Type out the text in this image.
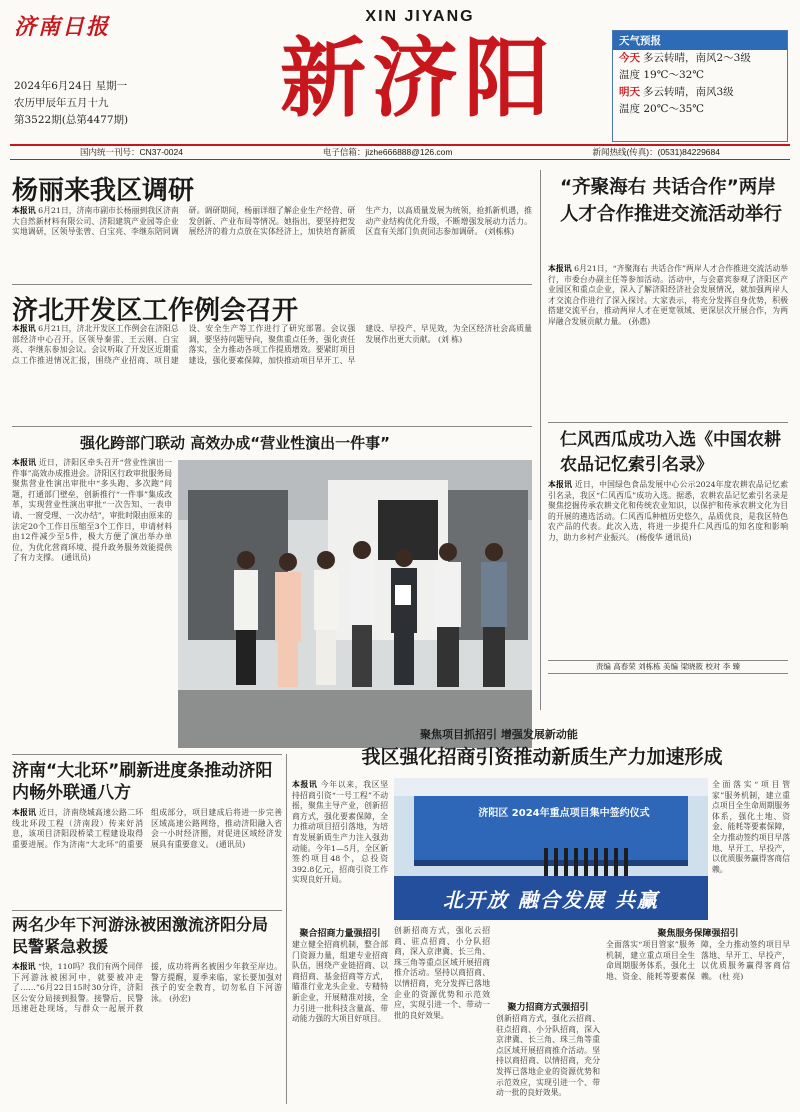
济南日报	XIN JIYANG
新济阳
2024年6月24日 星期一
农历甲辰年五月十九
第3522期(总第4477期)
天气预报
今天 多云转晴，南风2～3级
温度 19℃～32℃
明天 多云转晴，南风3级
温度 20℃～35℃
国内统一刊号：CN37-0024	电子信箱：jizhe666888@126.com	新闻热线(传真)：(0531)84229684
杨丽来我区调研
本报讯 6月21日，济南市副市长杨丽到我区济南大自然新材料有限公司、济阳建筑产业园等企业实地调研，区领导张曾、白宝亮、李继东陪同调研。调研期间，杨丽详细了解企业生产经营、研发创新、产业布局等情况。她指出，要坚持把发展经济的着力点放在实体经济上，加快培育新质生产力，以高质量发展为统领，抢抓新机遇，推动产业结构优化升级，不断增强发展动力活力。区直有关部门负责同志参加调研。 (刘栋栋)
济北开发区工作例会召开
本报讯 6月21日，济北开发区工作例会在济阳总部经济中心召开。区领导秦雷、王云刚、白宝亮、李继东参加会议。会议听取了开发区近期重点工作推进情况汇报，围绕产业招商、项目建设、安全生产等工作进行了研究部署。会议强调，要坚持问题导向，聚焦重点任务，强化责任落实，全力推动各项工作提质增效。要紧盯项目建设，强化要素保障，加快推动项目早开工、早建设、早投产、早见效，为全区经济社会高质量发展作出更大贡献。 (刘 栋)
强化跨部门联动 高效办成“营业性演出一件事”
本报讯 近日，济阳区牵头召开“营业性演出一件事”高效办成推进会。济阳区行政审批服务局聚焦营业性演出审批中“多头跑、多次跑”问题，打通部门壁垒，创新推行“一件事”集成改革，实现营业性演出审批“一次告知、一表申请、一窗受理、一次办结”，审批时限由原来的法定20个工作日压缩至3个工作日，申请材料由12件减少至5件，极大方便了演出举办单位，为优化营商环境、提升政务服务效能提供了有力支撑。 (通讯员)
“齐聚海右 共话合作”两岸人才合作推进交流活动举行
本报讯 6月21日，“齐聚海右 共话合作”两岸人才合作推进交流活动举行，市委台办副主任等参加活动。活动中，与会嘉宾参观了济阳区产业园区和重点企业，深入了解济阳经济社会发展情况，就加强两岸人才交流合作进行了深入探讨。大家表示，将充分发挥自身优势，积极搭建交流平台，推动两岸人才在更宽领域、更深层次开展合作，为两岸融合发展贡献力量。 (孙惠)
仁风西瓜成功入选《中国农耕农品记忆索引名录》
本报讯 近日，中国绿色食品发展中心公示2024年度农耕农品记忆索引名录，我区“仁风西瓜”成功入选。据悉，农耕农品记忆索引名录是聚焦挖掘传承农耕文化和传统农业知识，以保护和传承农耕文化为目的开展的遴选活动。仁风西瓜种植历史悠久，品质优良，是我区特色农产品的代表。此次入选，将进一步提升仁风西瓜的知名度和影响力，助力乡村产业振兴。 (杨俊华 通讯员)
责编 高春荣 刘栋栋 美编 梁晓筱 校对 李 臻
济南“大北环”刷新进度条推动济阳内畅外联通八方
本报讯 近日，济南绕城高速公路二环线北环段工程（济南段）传来好消息，该项目济阳段桥梁工程建设取得重要进展。作为济南“大北环”的重要组成部分，项目建成后将进一步完善区域高速公路网络，推动济阳融入省会一小时经济圈，对促进区域经济发展具有重要意义。 (通讯员)
两名少年下河游泳被困激流济阳分局民警紧急救援
本报讯 “快，110吗？我们有两个同伴下河游泳被困河中，就要被冲走了……”6月22日15时30分许，济阳区公安分局接到报警。接警后，民警迅速赶赴现场，与群众一起展开救援，成功将两名被困少年救至岸边。警方提醒，夏季来临，家长要加强对孩子的安全教育，切勿私自下河游泳。 (孙宏)
聚焦项目抓招引 增强发展新动能
我区强化招商引资推动新质生产力加速形成
本报讯 今年以来，我区坚持招商引资“一号工程”不动摇，聚焦主导产业，创新招商方式，强化要素保障，全力推动项目招引落地，为培育发展新质生产力注入强劲动能。今年1—5月，全区新签约项目48个，总投资392.8亿元，招商引资工作实现良好开局。
济阳区 2024年重点项目集中签约仪式
北开放 融合发展 共赢
全面落实“项目管家”服务机制，建立重点项目全生命周期服务体系，强化土地、资金、能耗等要素保障，全力推动签约项目早落地、早开工、早投产，以优质服务赢得客商信赖。
聚合招商力量强招引
建立健全招商机制，整合部门资源力量，组建专业招商队伍，围绕产业链招商、以商招商、基金招商等方式，瞄准行业龙头企业、专精特新企业，开展精准对接，全力引进一批科技含量高、带动能力强的大项目好项目。
创新招商方式，强化云招商、驻点招商、小分队招商，深入京津冀、长三角、珠三角等重点区域开展招商推介活动。坚持以商招商、以情招商，充分发挥已落地企业的资源优势和示范效应，实现引进一个、带动一批的良好效果。
聚力招商方式强招引
创新招商方式，强化云招商、驻点招商、小分队招商，深入京津冀、长三角、珠三角等重点区域开展招商推介活动。坚持以商招商、以情招商，充分发挥已落地企业的资源优势和示范效应，实现引进一个、带动一批的良好效果。
聚焦服务保障强招引
全面落实“项目管家”服务机制，建立重点项目全生命周期服务体系，强化土地、资金、能耗等要素保障，全力推动签约项目早落地、早开工、早投产，以优质服务赢得客商信赖。 (杜 亮)
